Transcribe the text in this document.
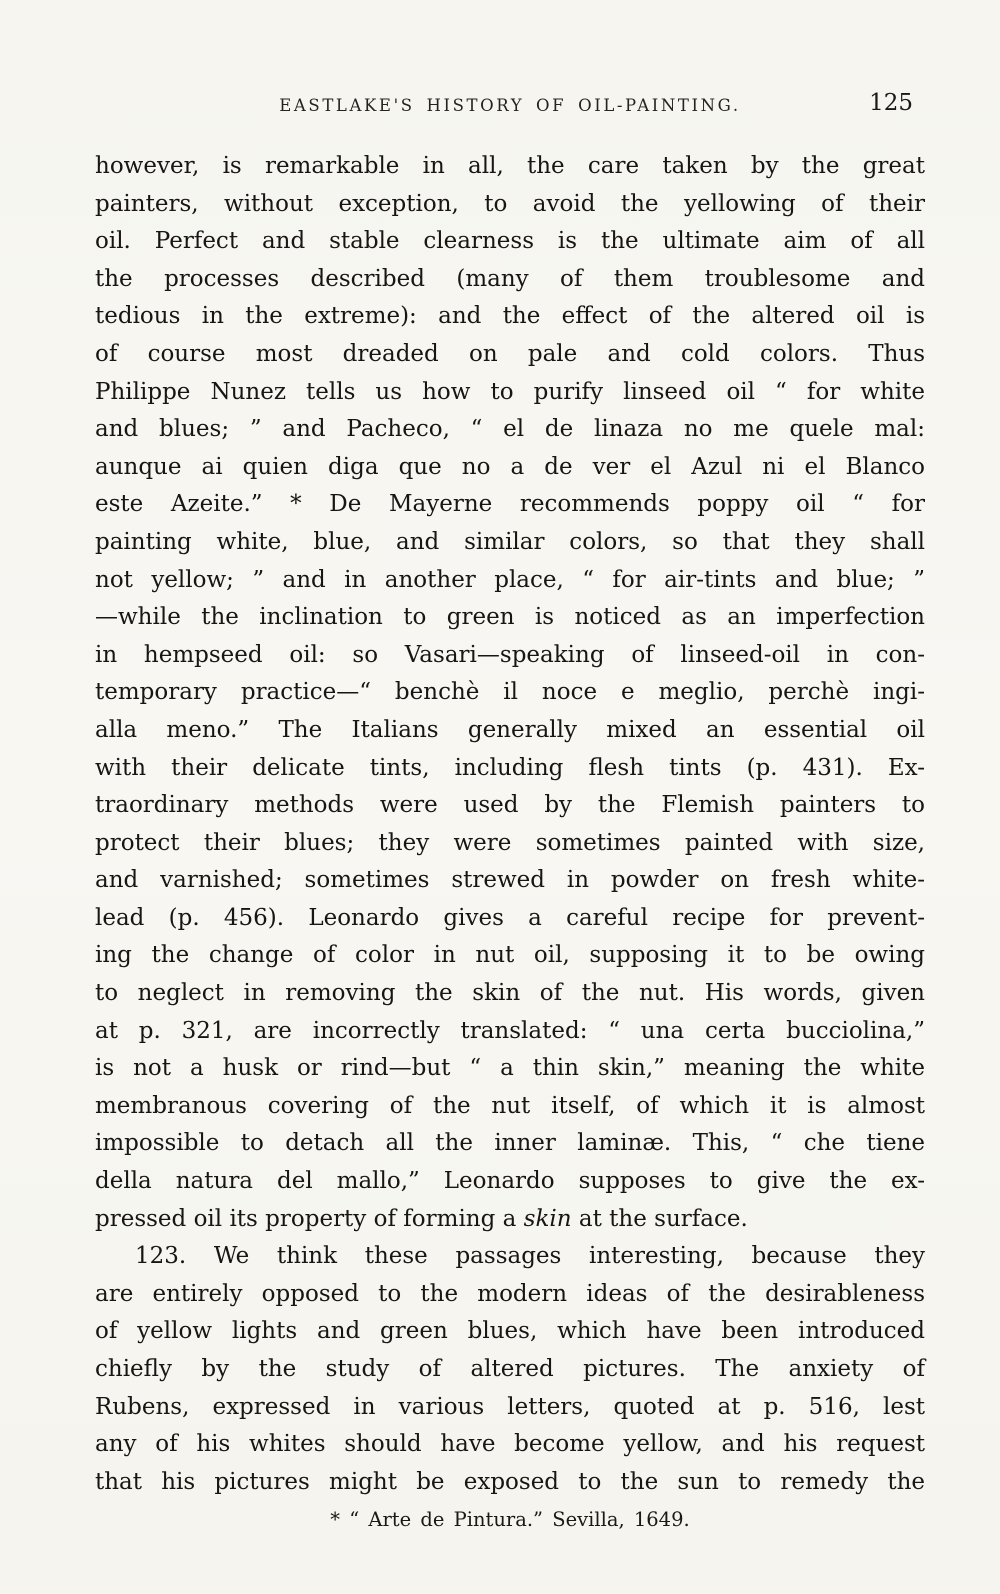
EASTLAKE'S HISTORY OF OIL-PAINTING.	125
however, is remarkable in all, the care taken by the great
painters, without exception, to avoid the yellowing of their
oil. Perfect and stable clearness is the ultimate aim of all
the processes described (many of them troublesome and
tedious in the extreme): and the effect of the altered oil is
of course most dreaded on pale and cold colors. Thus
Philippe Nunez tells us how to purify linseed oil “ for white
and blues; ” and Pacheco, “ el de linaza no me quele mal:
aunque ai quien diga que no a de ver el Azul ni el Blanco
este Azeite.” * De Mayerne recommends poppy oil “ for
painting white, blue, and similar colors, so that they shall
not yellow; ” and in another place, “ for air-tints and blue; ”
—while the inclination to green is noticed as an imperfection
in hempseed oil: so Vasari—speaking of linseed-oil in con-
temporary practice—“ benchè il noce e meglio, perchè ingi-
alla meno.” The Italians generally mixed an essential oil
with their delicate tints, including flesh tints (p. 431). Ex-
traordinary methods were used by the Flemish painters to
protect their blues; they were sometimes painted with size,
and varnished; sometimes strewed in powder on fresh white-
lead (p. 456). Leonardo gives a careful recipe for prevent-
ing the change of color in nut oil, supposing it to be owing
to neglect in removing the skin of the nut. His words, given
at p. 321, are incorrectly translated: “ una certa bucciolina,”
is not a husk or rind—but “ a thin skin,” meaning the white
membranous covering of the nut itself, of which it is almost
impossible to detach all the inner laminæ. This, “ che tiene
della natura del mallo,” Leonardo supposes to give the ex-
pressed oil its property of forming a skin at the surface.
123. We think these passages interesting, because they
are entirely opposed to the modern ideas of the desirableness
of yellow lights and green blues, which have been introduced
chiefly by the study of altered pictures. The anxiety of
Rubens, expressed in various letters, quoted at p. 516, lest
any of his whites should have become yellow, and his request
that his pictures might be exposed to the sun to remedy the
* “ Arte de Pintura.” Sevilla, 1649.
